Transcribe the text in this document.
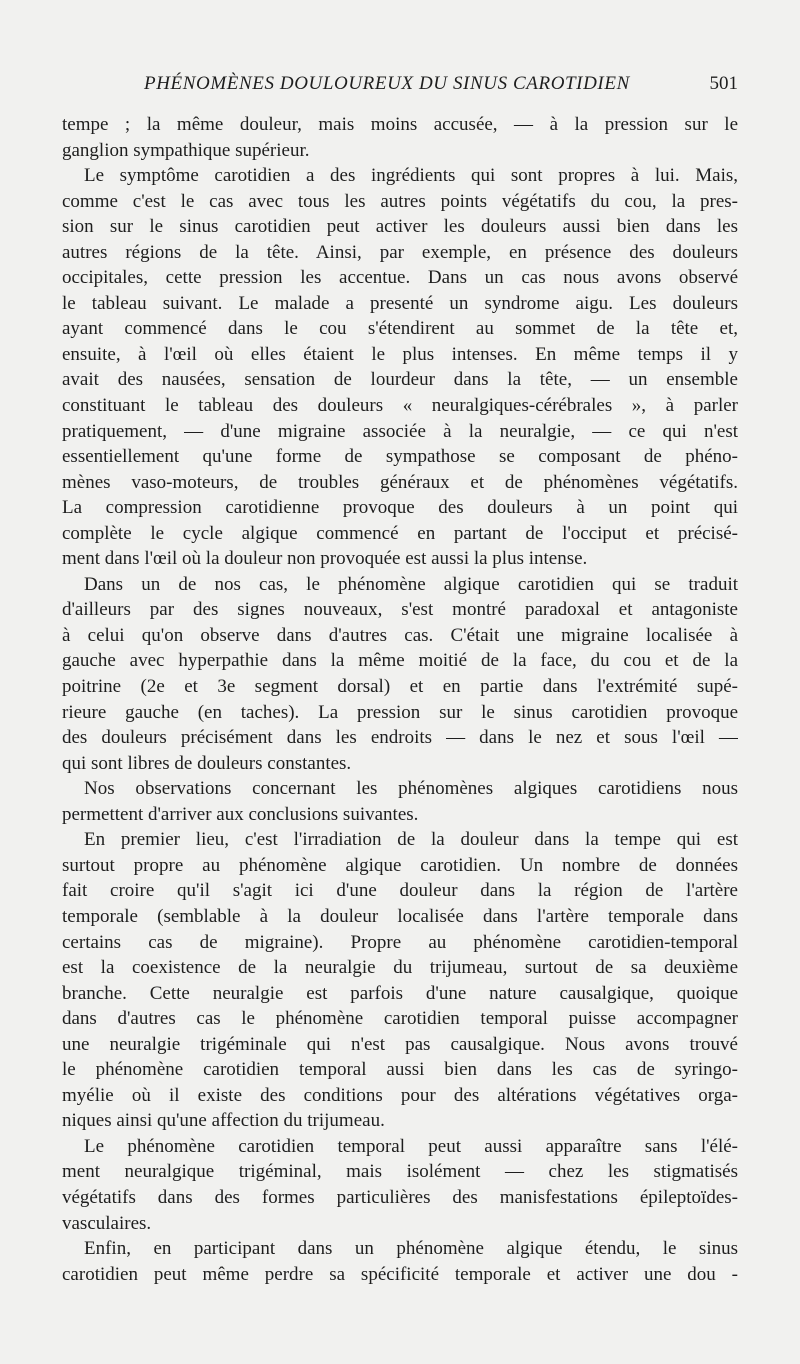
PHÉNOMÈNES DOULOUREUX DU SINUS CAROTIDIEN	501
tempe ; la même douleur, mais moins accusée, — à la pression sur le
ganglion sympathique supérieur.
Le symptôme carotidien a des ingrédients qui sont propres à lui. Mais,
comme c'est le cas avec tous les autres points végétatifs du cou, la pres-
sion sur le sinus carotidien peut activer les douleurs aussi bien dans les
autres régions de la tête. Ainsi, par exemple, en présence des douleurs
occipitales, cette pression les accentue. Dans un cas nous avons observé
le tableau suivant. Le malade a presenté un syndrome aigu. Les douleurs
ayant commencé dans le cou s'étendirent au sommet de la tête et,
ensuite, à l'œil où elles étaient le plus intenses. En même temps il y
avait des nausées, sensation de lourdeur dans la tête, — un ensemble
constituant le tableau des douleurs « neuralgiques-cérébrales », à parler
pratiquement, — d'une migraine associée à la neuralgie, — ce qui n'est
essentiellement qu'une forme de sympathose se composant de phéno-
mènes vaso-moteurs, de troubles généraux et de phénomènes végétatifs.
La compression carotidienne provoque des douleurs à un point qui
complète le cycle algique commencé en partant de l'occiput et précisé-
ment dans l'œil où la douleur non provoquée est aussi la plus intense.
Dans un de nos cas, le phénomène algique carotidien qui se traduit
d'ailleurs par des signes nouveaux, s'est montré paradoxal et antagoniste
à celui qu'on observe dans d'autres cas. C'était une migraine localisée à
gauche avec hyperpathie dans la même moitié de la face, du cou et de la
poitrine (2e et 3e segment dorsal) et en partie dans l'extrémité supé-
rieure gauche (en taches). La pression sur le sinus carotidien provoque
des douleurs précisément dans les endroits — dans le nez et sous l'œil —
qui sont libres de douleurs constantes.
Nos observations concernant les phénomènes algiques carotidiens nous
permettent d'arriver aux conclusions suivantes.
En premier lieu, c'est l'irradiation de la douleur dans la tempe qui est
surtout propre au phénomène algique carotidien. Un nombre de données
fait croire qu'il s'agit ici d'une douleur dans la région de l'artère
temporale (semblable à la douleur localisée dans l'artère temporale dans
certains cas de migraine). Propre au phénomène carotidien-temporal
est la coexistence de la neuralgie du trijumeau, surtout de sa deuxième
branche. Cette neuralgie est parfois d'une nature causalgique, quoique
dans d'autres cas le phénomène carotidien temporal puisse accompagner
une neuralgie trigéminale qui n'est pas causalgique. Nous avons trouvé
le phénomène carotidien temporal aussi bien dans les cas de syringo-
myélie où il existe des conditions pour des altérations végétatives orga-
niques ainsi qu'une affection du trijumeau.
Le phénomène carotidien temporal peut aussi apparaître sans l'élé-
ment neuralgique trigéminal, mais isolément — chez les stigmatisés
végétatifs dans des formes particulières des manisfestations épileptoïdes-
vasculaires.
Enfin, en participant dans un phénomène algique étendu, le sinus
carotidien peut même perdre sa spécificité temporale et activer une dou -
